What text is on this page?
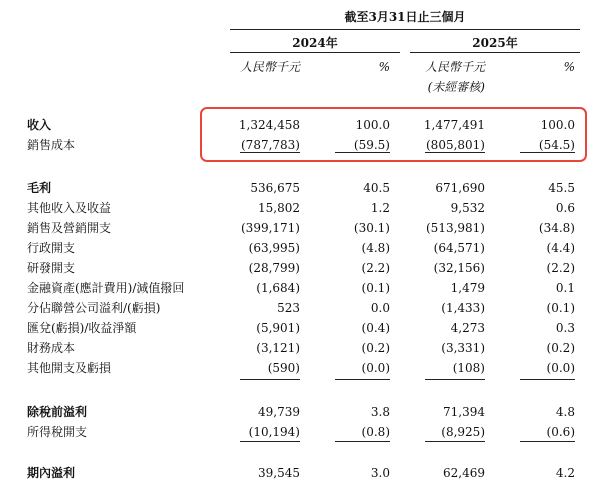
截至3月31日止三個月
2024年	2025年
人民幣千元	%	人民幣千元	%
(未經審核)
收入	1,324,458	100.0	1,477,491	100.0
銷售成本	(787,783)	(59.5)	(805,801)	(54.5)
毛利	536,675	40.5	671,690	45.5
其他收入及收益	15,802	1.2	9,532	0.6
銷售及營銷開支	(399,171)	(30.1)	(513,981)	(34.8)
行政開支	(63,995)	(4.8)	(64,571)	(4.4)
研發開支	(28,799)	(2.2)	(32,156)	(2.2)
金融資產(應計費用)/減值撥回	(1,684)	(0.1)	1,479	0.1
分佔聯營公司溢利/(虧損)	523	0.0	(1,433)	(0.1)
匯兌(虧損)/收益淨額	(5,901)	(0.4)	4,273	0.3
財務成本	(3,121)	(0.2)	(3,331)	(0.2)
其他開支及虧損	(590)	(0.0)	(108)	(0.0)
除稅前溢利	49,739	3.8	71,394	4.8
所得稅開支	(10,194)	(0.8)	(8,925)	(0.6)
期內溢利	39,545	3.0	62,469	4.2
